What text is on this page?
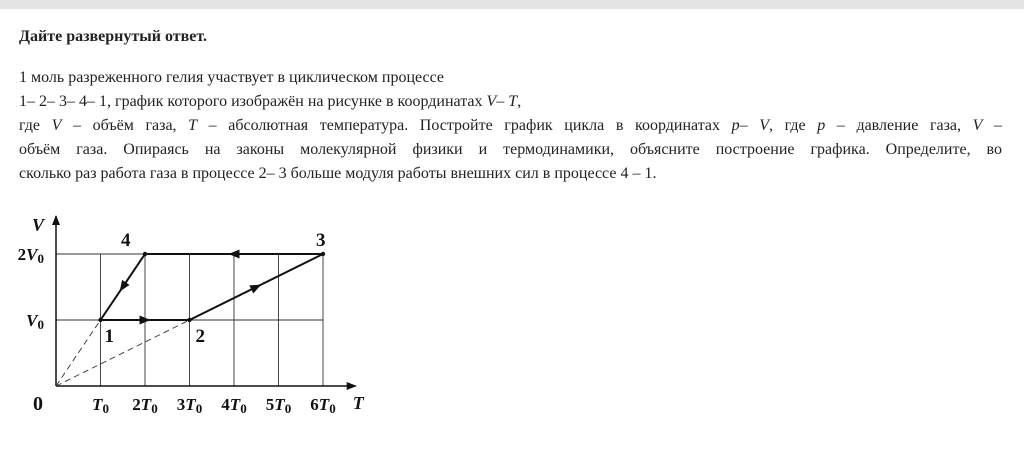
Дайте развернутый ответ.
1 моль разреженного гелия участвует в циклическом процессе
1– 2– 3– 4– 1, график которого изображён на рисунке в координатах V– T,
где V – объём газа, T – абсолютная температура. Постройте график цикла в координатах p– V, где p – давление газа, V –
объём газа. Опираясь на законы молекулярной физики и термодинамики, объясните построение графика. Определите, во
сколько раз работа газа в процессе 2– 3 больше модуля работы внешних сил в процессе 4 – 1.
1	2
3
4
T0 2T0 3T0 4T0 5T0 6T0
V0
2V0
T
V
0
